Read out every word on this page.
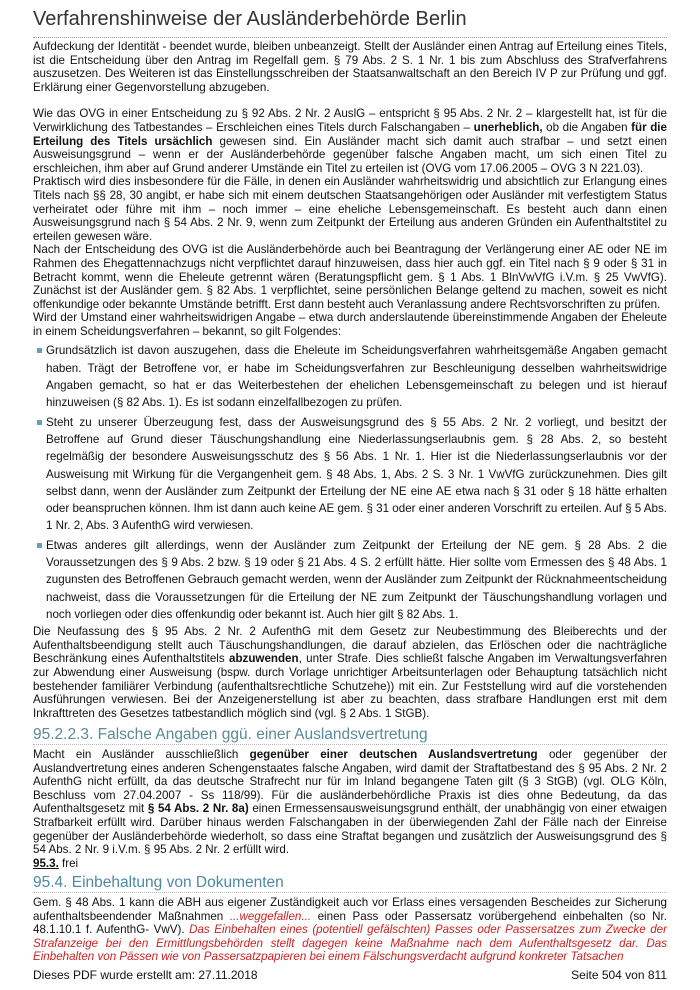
Verfahrenshinweise der Ausländerbehörde Berlin

Aufdeckung der Identität - beendet wurde, bleiben unbeanzeigt. Stellt der Ausländer einen Antrag auf Erteilung eines Titels, ist die Entscheidung über den Antrag im Regelfall gem. § 79 Abs. 2 S. 1 Nr. 1 bis zum Abschluss des Strafverfahrens auszusetzen. Des Weiteren ist das Einstellungsschreiben der Staatsanwaltschaft an den Bereich IV P zur Prüfung und ggf. Erklärung einer Gegenvorstellung abzugeben.

Wie das OVG in einer Entscheidung zu § 92 Abs. 2 Nr. 2 AuslG – entspricht § 95 Abs. 2 Nr. 2 – klargestellt hat, ist für die Verwirklichung des Tatbestandes – Erschleichen eines Titels durch Falschangaben – unerheblich, ob die Angaben für die Erteilung des Titels ursächlich gewesen sind. Ein Ausländer macht sich damit auch strafbar – und setzt einen Ausweisungsgrund – wenn er der Ausländerbehörde gegenüber falsche Angaben macht, um sich einen Titel zu erschleichen, ihm aber auf Grund anderer Umstände ein Titel zu erteilen ist (OVG vom 17.06.2005 – OVG 3 N 221.03).

Praktisch wird dies insbesondere für die Fälle, in denen ein Ausländer wahrheitswidrig und absichtlich zur Erlangung eines Titels nach §§ 28, 30 angibt, er habe sich mit einem deutschen Staatsangehörigen oder Ausländer mit verfestigtem Status verheiratet oder führe mit ihm – noch immer – eine eheliche Lebensgemeinschaft. Es besteht auch dann einen Ausweisungsgrund nach § 54 Abs. 2 Nr. 9, wenn zum Zeitpunkt der Erteilung aus anderen Gründen ein Aufenthaltstitel zu erteilen gewesen wäre.

Nach der Entscheidung des OVG ist die Ausländerbehörde auch bei Beantragung der Verlängerung einer AE oder NE im Rahmen des Ehegattennachzugs nicht verpflichtet darauf hinzuweisen, dass hier auch ggf. ein Titel nach § 9 oder § 31 in Betracht kommt, wenn die Eheleute getrennt wären (Beratungspflicht gem. § 1 Abs. 1 BlnVwVfG i.V.m. § 25 VwVfG). Zunächst ist der Ausländer gem. § 82 Abs. 1 verpflichtet, seine persönlichen Belange geltend zu machen, soweit es nicht offenkundige oder bekannte Umstände betrifft. Erst dann besteht auch Veranlassung andere Rechtsvorschriften zu prüfen.

Wird der Umstand einer wahrheitswidrigen Angabe – etwa durch anderslautende übereinstimmende Angaben der Eheleute in einem Scheidungsverfahren – bekannt, so gilt Folgendes:

Grundsätzlich ist davon auszugehen, dass die Eheleute im Scheidungsverfahren wahrheitsgemäße Angaben gemacht haben. Trägt der Betroffene vor, er habe im Scheidungsverfahren zur Beschleunigung desselben wahrheitswidrige Angaben gemacht, so hat er das Weiterbestehen der ehelichen Lebensgemeinschaft zu belegen und ist hierauf hinzuweisen (§ 82 Abs. 1). Es ist sodann einzelfallbezogen zu prüfen.
Steht zu unserer Überzeugung fest, dass der Ausweisungsgrund des § 55 Abs. 2 Nr. 2 vorliegt, und besitzt der Betroffene auf Grund dieser Täuschungshandlung eine Niederlassungserlaubnis gem. § 28 Abs. 2, so besteht regelmäßig der besondere Ausweisungsschutz des § 56 Abs. 1 Nr. 1. Hier ist die Niederlassungserlaubnis vor der Ausweisung mit Wirkung für die Vergangenheit gem. § 48 Abs. 1, Abs. 2 S. 3 Nr. 1 VwVfG zurückzunehmen. Dies gilt selbst dann, wenn der Ausländer zum Zeitpunkt der Erteilung der NE eine AE etwa nach § 31 oder § 18 hätte erhalten oder beanspruchen können. Ihm ist dann auch keine AE gem. § 31 oder einer anderen Vorschrift zu erteilen. Auf § 5 Abs. 1 Nr. 2, Abs. 3 AufenthG wird verwiesen.
Etwas anderes gilt allerdings, wenn der Ausländer zum Zeitpunkt der Erteilung der NE gem. § 28 Abs. 2 die Voraussetzungen des § 9 Abs. 2 bzw. § 19 oder § 21 Abs. 4 S. 2 erfüllt hätte. Hier sollte vom Ermessen des § 48 Abs. 1 zugunsten des Betroffenen Gebrauch gemacht werden, wenn der Ausländer zum Zeitpunkt der Rücknahmeentscheidung nachweist, dass die Voraussetzungen für die Erteilung der NE zum Zeitpunkt der Täuschungshandlung vorlagen und noch vorliegen oder dies offenkundig oder bekannt ist. Auch hier gilt § 82 Abs. 1.

Die Neufassung des § 95 Abs. 2 Nr. 2 AufenthG mit dem Gesetz zur Neubestimmung des Bleiberechts und der Aufenthaltsbeendigung stellt auch Täuschungshandlungen, die darauf abzielen, das Erlöschen oder die nachträgliche Beschränkung eines Aufenthaltstitels abzuwenden, unter Strafe. Dies schließt falsche Angaben im Verwaltungsverfahren zur Abwendung einer Ausweisung (bspw. durch Vorlage unrichtiger Arbeitsunterlagen oder Behauptung tatsächlich nicht bestehender familiärer Verbindung (aufenthaltsrechtliche Schutzehe)) mit ein. Zur Feststellung wird auf die vorstehenden Ausführungen verwiesen. Bei der Anzeigenerstellung ist aber zu beachten, dass strafbare Handlungen erst mit dem Inkrafttreten des Gesetzes tatbestandlich möglich sind (vgl. § 2 Abs. 1 StGB).

95.2.2.3. Falsche Angaben ggü. einer Auslandsvertretung

Macht ein Ausländer ausschließlich gegenüber einer deutschen Auslandsvertretung oder gegenüber der Auslandvertretung eines anderen Schengenstaates falsche Angaben, wird damit der Straftatbestand des § 95 Abs. 2 Nr. 2 AufenthG nicht erfüllt, da das deutsche Strafrecht nur für im Inland begangene Taten gilt (§ 3 StGB) (vgl. OLG Köln, Beschluss vom 27.04.2007 - Ss 118/99). Für die ausländerbehördliche Praxis ist dies ohne Bedeutung, da das Aufenthaltsgesetz mit § 54 Abs. 2 Nr. 8a) einen Ermessensausweisungsgrund enthält, der unabhängig von einer etwaigen Strafbarkeit erfüllt wird. Darüber hinaus werden Falschangaben in der überwiegenden Zahl der Fälle nach der Einreise gegenüber der Ausländerbehörde wiederholt, so dass eine Straftat begangen und zusätzlich der Ausweisungsgrund des § 54 Abs. 2 Nr. 9 i.V.m. § 95 Abs. 2 Nr. 2 erfüllt wird.

95.3. frei

95.4. Einbehaltung von Dokumenten

Gem. § 48 Abs. 1 kann die ABH aus eigener Zuständigkeit auch vor Erlass eines versagenden Bescheides zur Sicherung aufenthaltsbeendender Maßnahmen ...weggefallen... einen Pass oder Passersatz vorübergehend einbehalten (so Nr. 48.1.10.1 f. AufenthG- VwV). Das Einbehalten eines (potentiell gefälschten) Passes oder Passersatzes zum Zwecke der Strafanzeige bei den Ermittlungsbehörden stellt dagegen keine Maßnahme nach dem Aufenthaltsgesetz dar. Das Einbehalten von Pässen wie von Passersatzpapieren bei einem Fälschungsverdacht aufgrund konkreter Tatsachen

Dieses PDF wurde erstellt am: 27.11.2018	Seite 504 von 811
